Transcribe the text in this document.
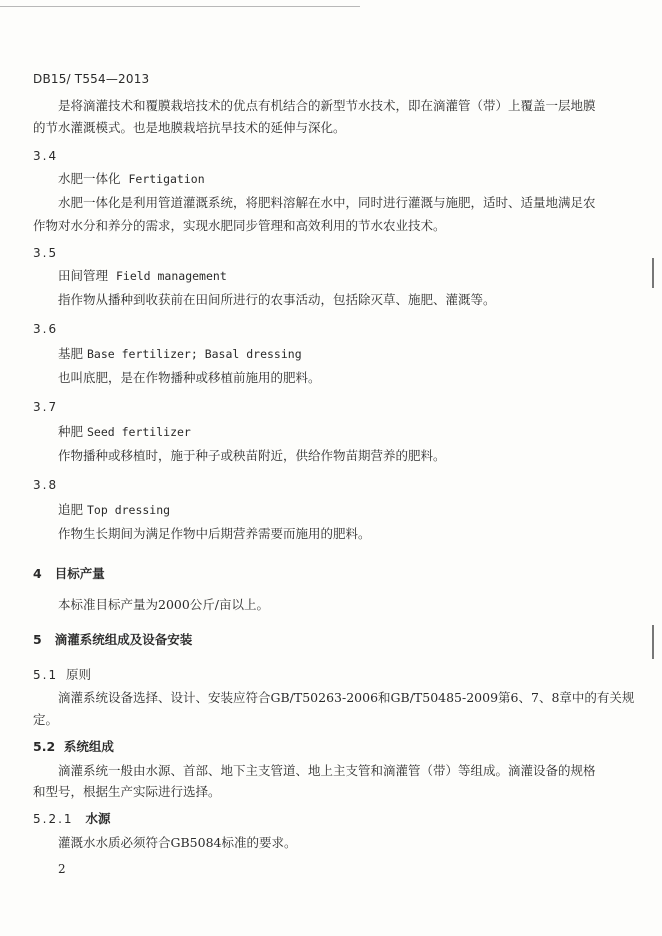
DB15/ T554—2013
是将滴灌技术和覆膜栽培技术的优点有机结合的新型节水技术，即在滴灌管（带）上覆盖一层地膜
的节水灌溉模式。也是地膜栽培抗旱技术的延伸与深化。
3.4
水肥一体化 Fertigation
水肥一体化是利用管道灌溉系统，将肥料溶解在水中，同时进行灌溉与施肥，适时、适量地满足农
作物对水分和养分的需求，实现水肥同步管理和高效利用的节水农业技术。
3.5
田间管理 Field management
指作物从播种到收获前在田间所进行的农事活动，包括除灭草、施肥、灌溉等。
3.6
基肥 Base fertilizer; Basal dressing
也叫底肥，是在作物播种或移植前施用的肥料。
3.7
种肥 Seed fertilizer
作物播种或移植时，施于种子或秧苗附近，供给作物苗期营养的肥料。
3.8
追肥 Top dressing
作物生长期间为满足作物中后期营养需要而施用的肥料。
4 目标产量
本标准目标产量为2000公斤/亩以上。
5 滴灌系统组成及设备安装
5.1 原则
滴灌系统设备选择、设计、安装应符合GB/T50263-2006和GB/T50485-2009第6、7、8章中的有关规
定。
5.2 系统组成
滴灌系统一般由水源、首部、地下主支管道、地上主支管和滴灌管（带）等组成。滴灌设备的规格
和型号，根据生产实际进行选择。
5.2.1 水源
灌溉水水质必须符合GB5084标准的要求。
2
